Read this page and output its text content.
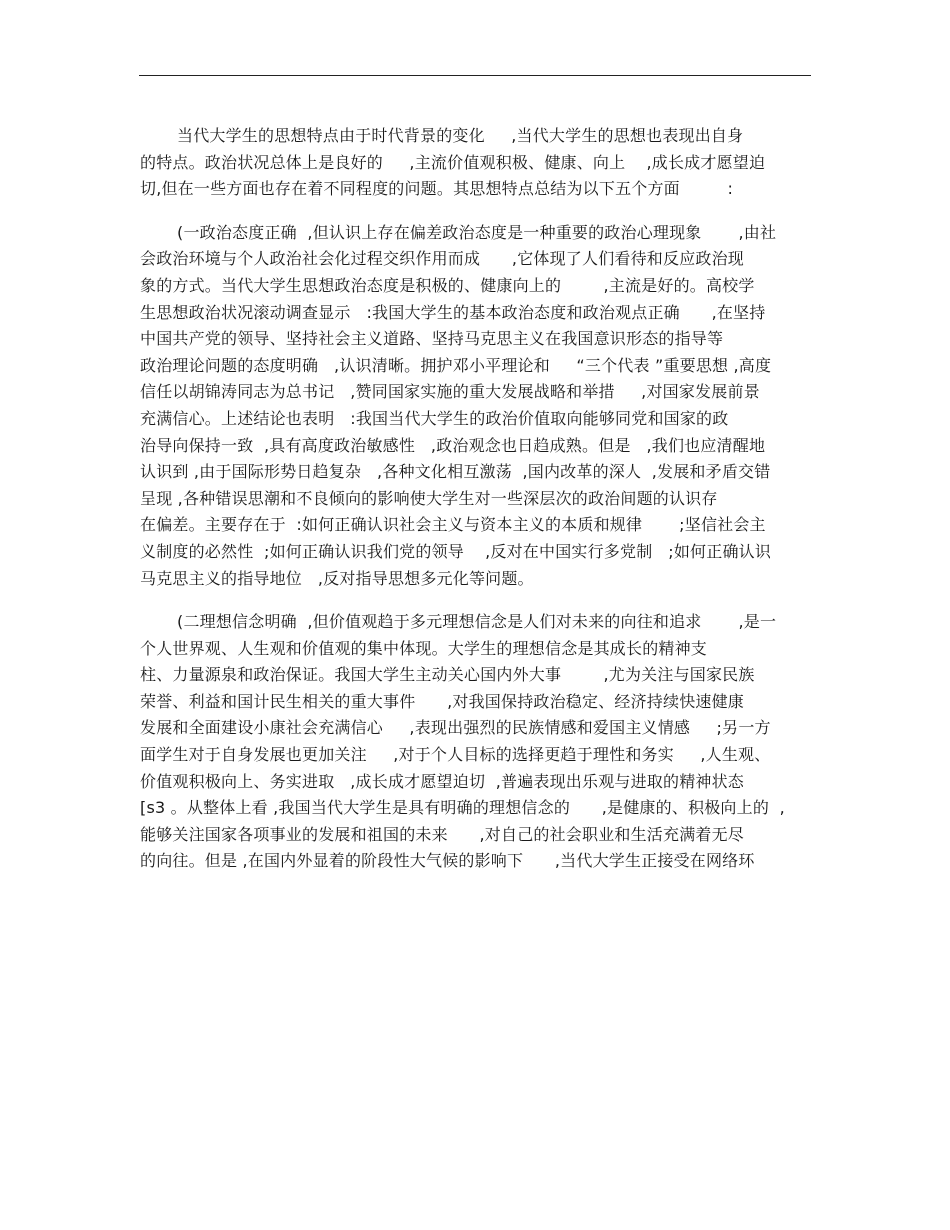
当代大学生的思想特点由于时代背景的变化     ,当代大学生的思想也表现出自身
的特点。政治状况总体上是良好的     ,主流价值观积极、健康、向上    ,成长成才愿望迫
切,但在一些方面也存在着不同程度的问题。其思想特点总结为以下五个方面         :
(一政治态度正确  ,但认识上存在偏差政治态度是一种重要的政治心理现象       ,由社
会政治环境与个人政治社会化过程交织作用而成      ,它体现了人们看待和反应政治现
象的方式。当代大学生思想政治态度是积极的、健康向上的        ,主流是好的。高校学
生思想政治状况滚动调查显示   :我国大学生的基本政治态度和政治观点正确      ,在坚持
中国共产党的领导、坚持社会主义道路、坚持马克思主义在我国意识形态的指导等
政治理论问题的态度明确   ,认识清晰。拥护邓小平理论和     “三个代表 ”重要思想 ,高度
信任以胡锦涛同志为总书记   ,赞同国家实施的重大发展战略和举措     ,对国家发展前景
充满信心。上述结论也表明   :我国当代大学生的政治价值取向能够同党和国家的政
治导向保持一致  ,具有高度政治敏感性   ,政治观念也日趋成熟。但是   ,我们也应清醒地
认识到 ,由于国际形势日趋复杂   ,各种文化相互激荡  ,国内改革的深人  ,发展和矛盾交错
呈现 ,各种错误思潮和不良倾向的影响使大学生对一些深层次的政治间题的认识存
在偏差。主要存在于  :如何正确认识社会主义与资本主义的本质和规律       ;坚信社会主
义制度的必然性  ;如何正确认识我们党的领导    ,反对在中国实行多党制   ;如何正确认识
马克思主义的指导地位   ,反对指导思想多元化等问题。
(二理想信念明确  ,但价值观趋于多元理想信念是人们对未来的向往和追求       ,是一
个人世界观、人生观和价值观的集中体现。大学生的理想信念是其成长的精神支
柱、力量源泉和政治保证。我国大学生主动关心国内外大事        ,尤为关注与国家民族
荣誉、利益和国计民生相关的重大事件      ,对我国保持政治稳定、经济持续快速健康
发展和全面建设小康社会充满信心     ,表现出强烈的民族情感和爱国主义情感     ;另一方
面学生对于自身发展也更加关注     ,对于个人目标的选择更趋于理性和务实     ,人生观、
价值观积极向上、务实进取   ,成长成才愿望迫切  ,普遍表现出乐观与进取的精神状态
[s3 。从整体上看 ,我国当代大学生是具有明确的理想信念的      ,是健康的、积极向上的  ,
能够关注国家各项事业的发展和祖国的未来      ,对自己的社会职业和生活充满着无尽
的向往。但是 ,在国内外显着的阶段性大气候的影响下      ,当代大学生正接受在网络环
